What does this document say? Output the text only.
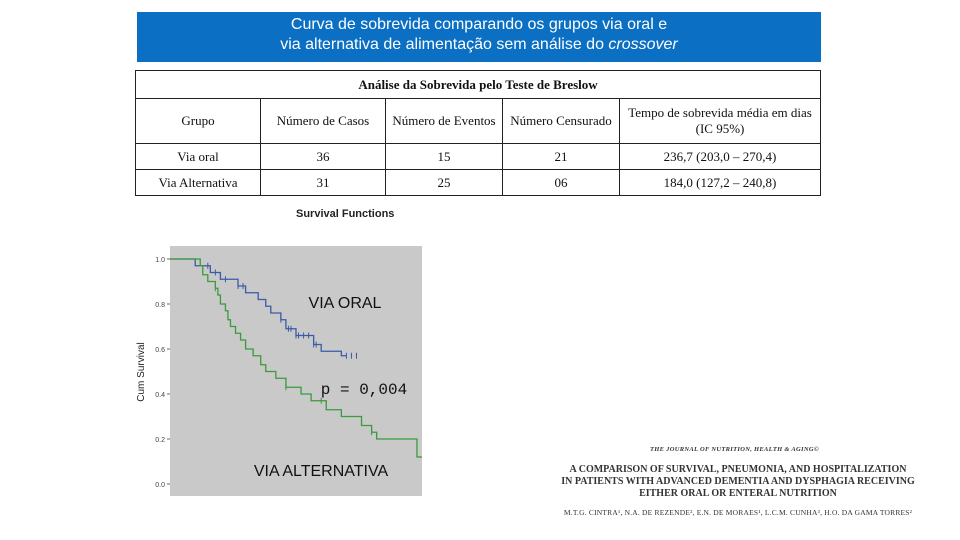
Curva de sobrevida comparando os grupos via oral e
via alternativa de alimentação sem análise do crossover
Análise da Sobrevida pelo Teste de Breslow				
Grupo	Número de Casos	Número de Eventos	Número Censurado	Tempo de sobrevida média em dias (IC 95%)
Via oral	36	15	21	236,7 (203,0 – 270,4)
Via Alternativa	31	25	06	184,0 (127,2 – 240,8)
Survival Functions
1.0
0.8
0.6
0.4
0.2
0.0
Cum Survival
VIA ORAL
p = 0,004
VIA ALTERNATIVA
THE JOURNAL OF NUTRITION, HEALTH & AGING©
A COMPARISON OF SURVIVAL, PNEUMONIA, AND HOSPITALIZATION
IN PATIENTS WITH ADVANCED DEMENTIA AND DYSPHAGIA RECEIVING
EITHER ORAL OR ENTERAL NUTRITION
M.T.G. CINTRA¹, N.A. DE REZENDE², E.N. DE MORAES¹, L.C.M. CUNHA³, H.O. DA GAMA TORRES²
